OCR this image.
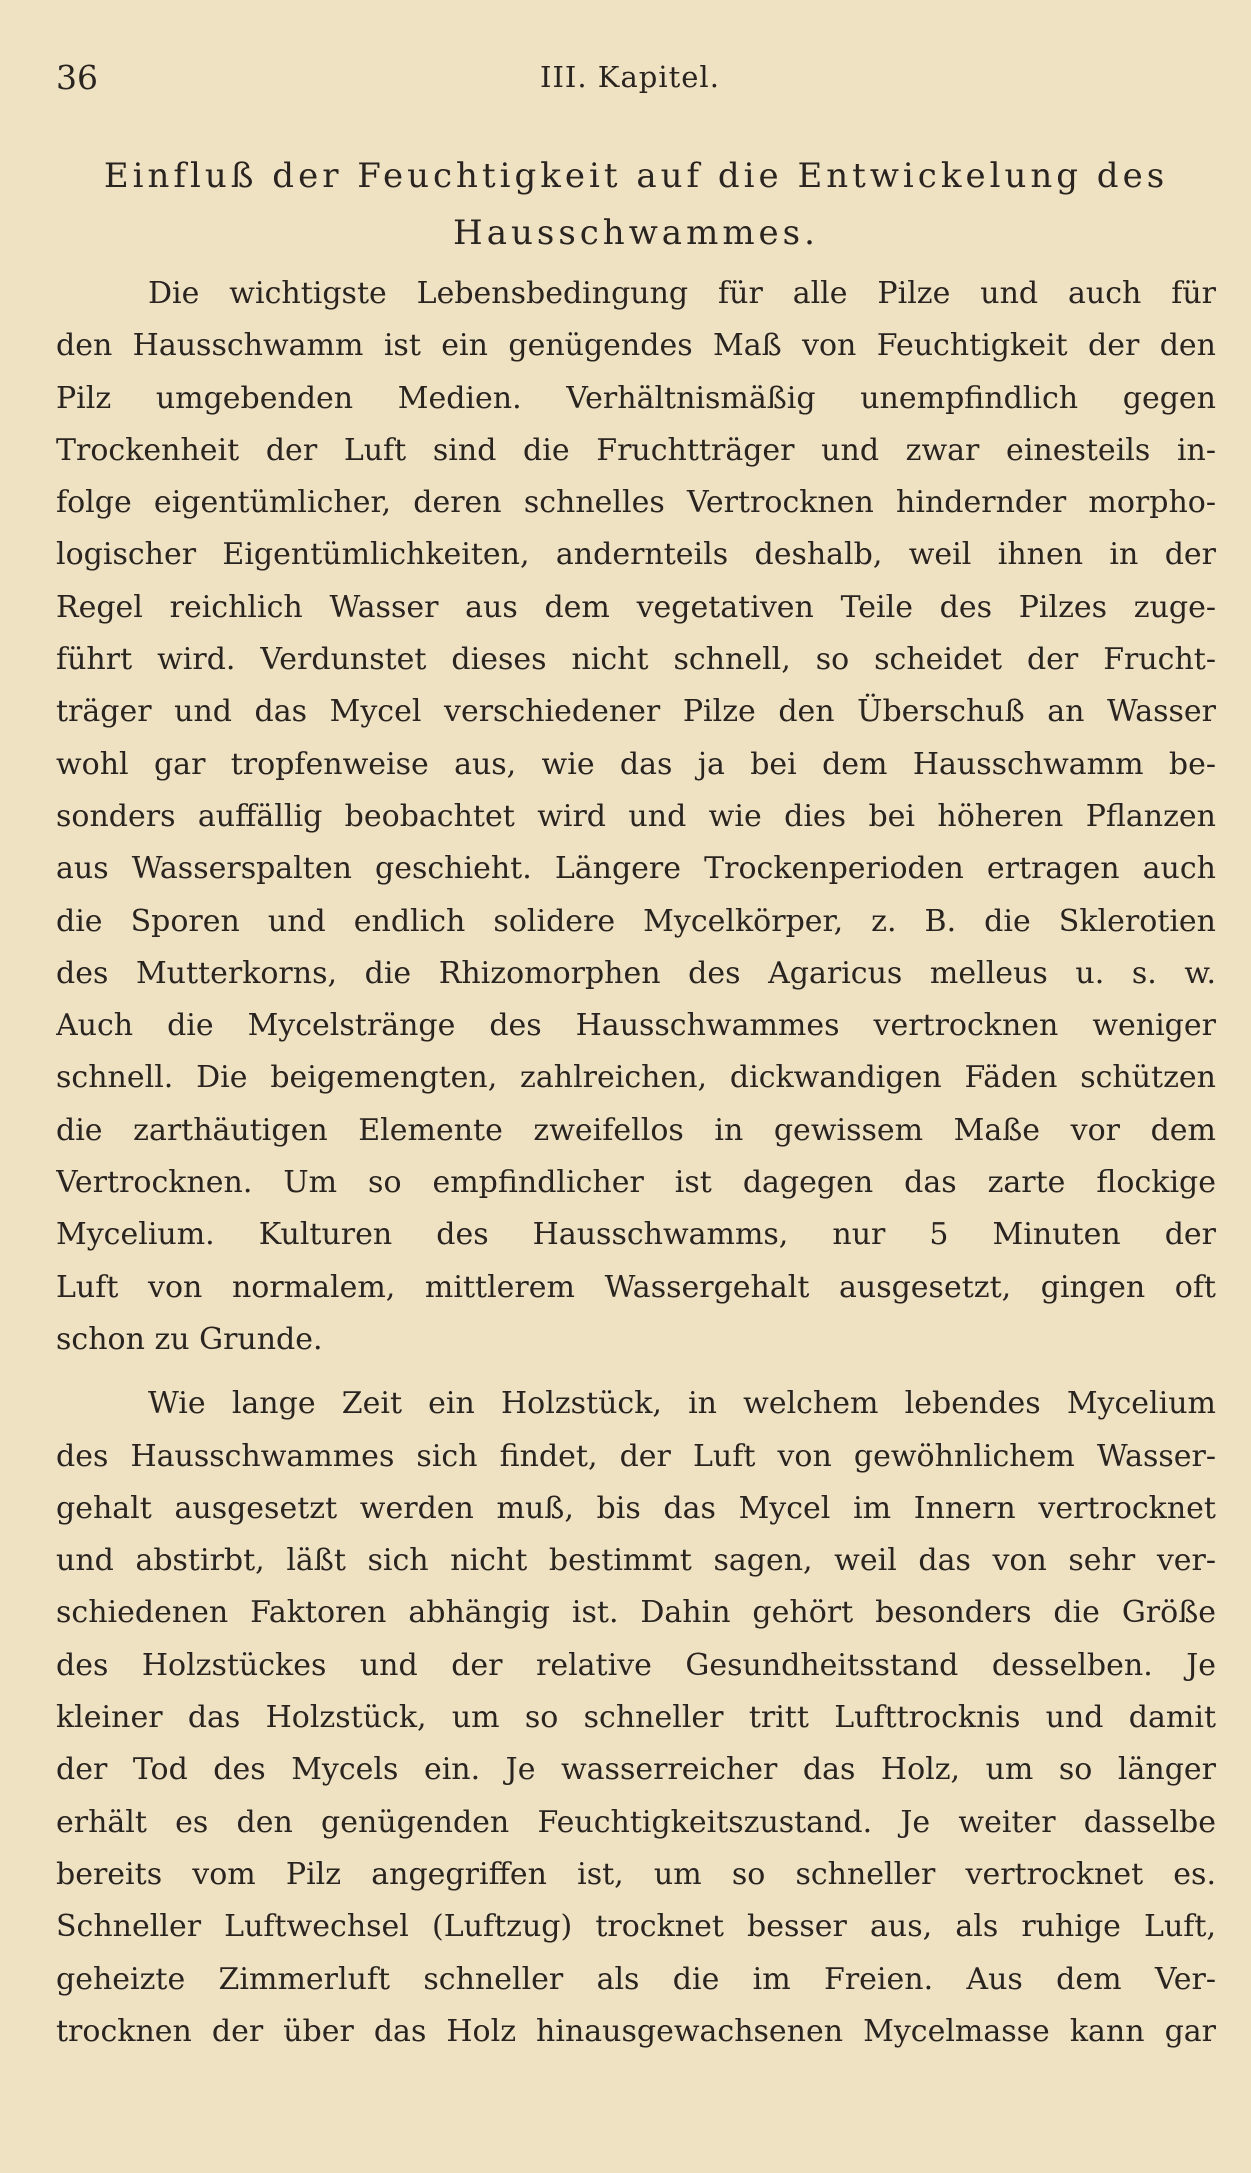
36	III. Kapitel.
Einfluß der Feuchtigkeit auf die Entwickelung des
Hausschwammes.
Die wichtigste Lebensbedingung für alle Pilze und auch für
den Hausschwamm ist ein genügendes Maß von Feuchtigkeit der den
Pilz umgebenden Medien. Verhältnismäßig unempfindlich gegen
Trockenheit der Luft sind die Fruchtträger und zwar einesteils in-
folge eigentümlicher, deren schnelles Vertrocknen hindernder morpho-
logischer Eigentümlichkeiten, andernteils deshalb, weil ihnen in der
Regel reichlich Wasser aus dem vegetativen Teile des Pilzes zuge-
führt wird. Verdunstet dieses nicht schnell, so scheidet der Frucht-
träger und das Mycel verschiedener Pilze den Überschuß an Wasser
wohl gar tropfenweise aus, wie das ja bei dem Hausschwamm be-
sonders auffällig beobachtet wird und wie dies bei höheren Pflanzen
aus Wasserspalten geschieht. Längere Trockenperioden ertragen auch
die Sporen und endlich solidere Mycelkörper, z. B. die Sklerotien
des Mutterkorns, die Rhizomorphen des Agaricus melleus u. s. w.
Auch die Mycelstränge des Hausschwammes vertrocknen weniger
schnell. Die beigemengten, zahlreichen, dickwandigen Fäden schützen
die zarthäutigen Elemente zweifellos in gewissem Maße vor dem
Vertrocknen. Um so empfindlicher ist dagegen das zarte flockige
Mycelium. Kulturen des Hausschwamms, nur 5 Minuten der
Luft von normalem, mittlerem Wassergehalt ausgesetzt, gingen oft
schon zu Grunde.
Wie lange Zeit ein Holzstück, in welchem lebendes Mycelium
des Hausschwammes sich findet, der Luft von gewöhnlichem Wasser-
gehalt ausgesetzt werden muß, bis das Mycel im Innern vertrocknet
und abstirbt, läßt sich nicht bestimmt sagen, weil das von sehr ver-
schiedenen Faktoren abhängig ist. Dahin gehört besonders die Größe
des Holzstückes und der relative Gesundheitsstand desselben. Je
kleiner das Holzstück, um so schneller tritt Lufttrocknis und damit
der Tod des Mycels ein. Je wasserreicher das Holz, um so länger
erhält es den genügenden Feuchtigkeitszustand. Je weiter dasselbe
bereits vom Pilz angegriffen ist, um so schneller vertrocknet es.
Schneller Luftwechsel (Luftzug) trocknet besser aus, als ruhige Luft,
geheizte Zimmerluft schneller als die im Freien. Aus dem Ver-
trocknen der über das Holz hinausgewachsenen Mycelmasse kann gar
